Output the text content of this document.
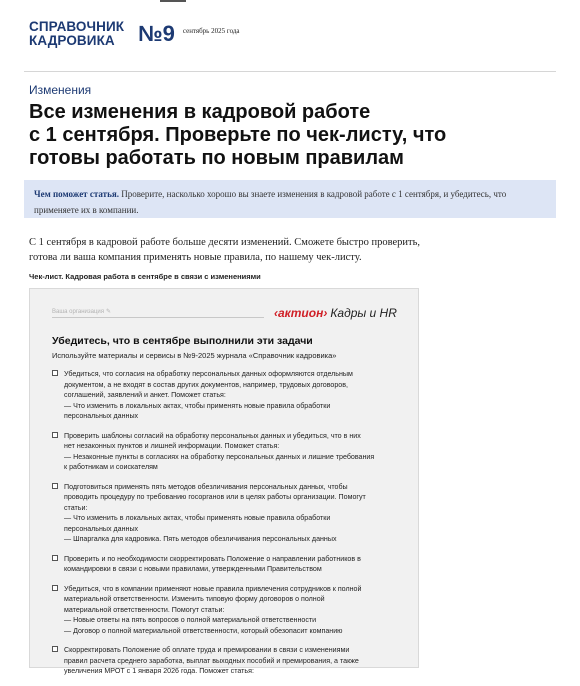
СПРАВОЧНИК
КАДРОВИКА	№9 сентябрь 2025 года
Изменения
Все изменения в кадровой работе
с 1 сентября. Проверьте по чек-листу, что
готовы работать по новым правилам
Чем поможет статья. Проверите, насколько хорошо вы знаете изменения в кадровой работе с 1 сентября, и убедитесь, что применяете их в компании.
С 1 сентября в кадровой работе больше десяти изменений. Сможете быстро проверить,
готова ли ваша компания применять новые правила, по нашему чек-листу.
Чек-лист. Кадровая работа в сентябре в связи с изменениями
Ваша организация ✎	‹актион› Кадры и HR
Убедитесь, что в сентябре выполнили эти задачи
Используйте материалы и сервисы в №9-2025 журнала «Справочник кадровика»
Убедиться, что согласия на обработку персональных данных оформляются отдельным
документом, а не входят в состав других документов, например, трудовых договоров,
соглашений, заявлений и анкет. Поможет статья:
— Что изменить в локальных актах, чтобы применять новые правила обработки
персональных данных
Проверить шаблоны согласий на обработку персональных данных и убедиться, что в них
нет незаконных пунктов и лишней информации. Поможет статья:
— Незаконные пункты в согласиях на обработку персональных данных и лишние требования
к работникам и соискателям
Подготовиться применять пять методов обезличивания персональных данных, чтобы
проводить процедуру по требованию госорганов или в целях работы организации. Помогут
статьи:
— Что изменить в локальных актах, чтобы применять новые правила обработки
персональных данных
— Шпаргалка для кадровика. Пять методов обезличивания персональных данных
Проверить и по необходимости скорректировать Положение о направлении работников в
командировки в связи с новыми правилами, утвержденными Правительством
Убедиться, что в компании применяют новые правила привлечения сотрудников к полной
материальной ответственности. Изменить типовую форму договоров о полной
материальной ответственности. Помогут статьи:
— Новые ответы на пять вопросов о полной материальной ответственности
— Договор о полной материальной ответственности, который обезопасит компанию
Скорректировать Положение об оплате труда и премировании в связи с изменениями
правил расчета среднего заработка, выплат выходных пособий и премирования, а также
увеличения МРОТ с 1 января 2026 года. Поможет статья:
